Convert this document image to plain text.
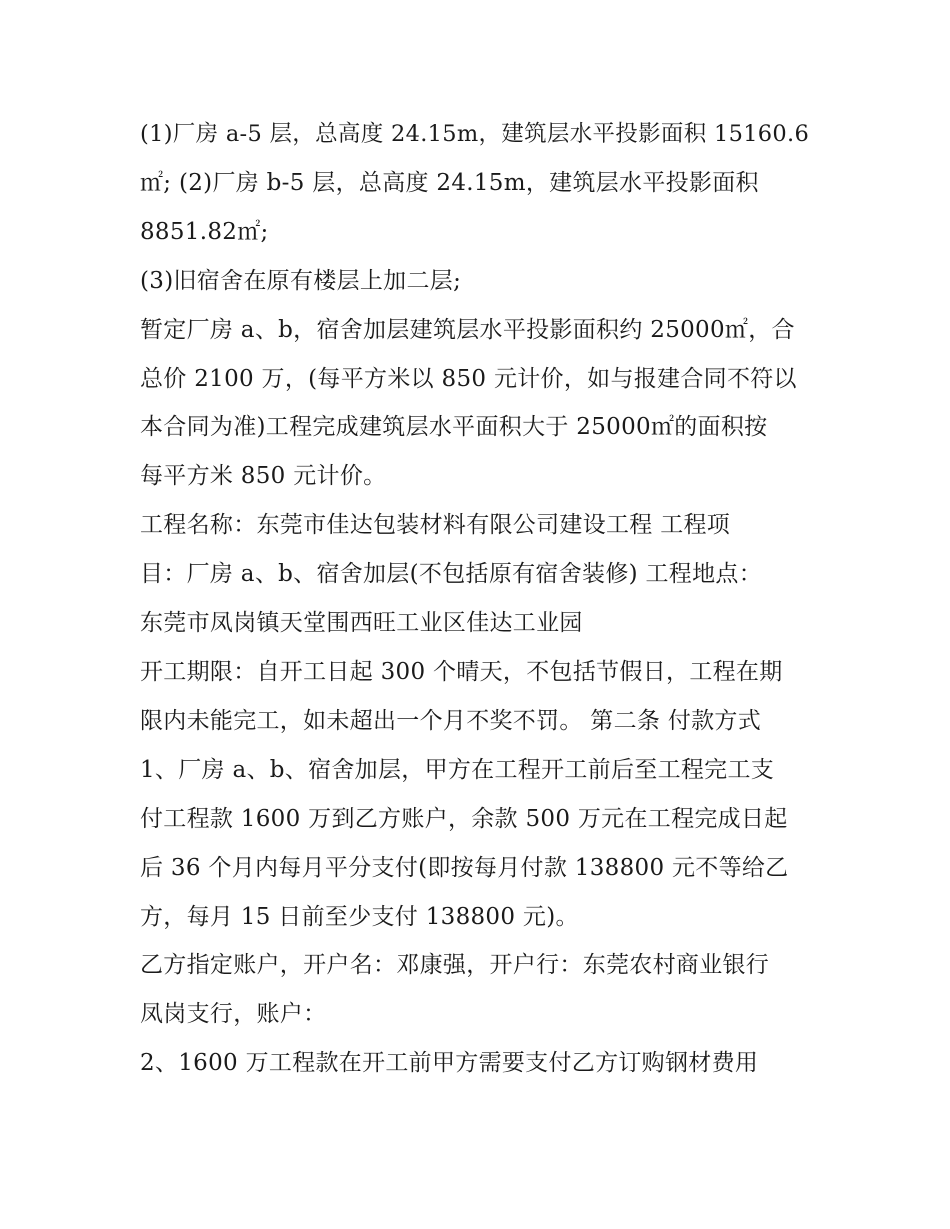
(1)厂房 a-5 层，总高度 24.15m，建筑层水平投影面积 15160.6
㎡; (2)厂房 b-5 层，总高度 24.15m，建筑层水平投影面积
8851.82㎡;
(3)旧宿舍在原有楼层上加二层;
暂定厂房 a、b，宿舍加层建筑层水平投影面积约 25000㎡，合
总价 2100 万，(每平方米以 850 元计价，如与报建合同不符以
本合同为准)工程完成建筑层水平面积大于 25000㎡的面积按
每平方米 850 元计价。
工程名称：东莞市佳达包装材料有限公司建设工程 工程项
目：厂房 a、b、宿舍加层(不包括原有宿舍装修) 工程地点：
东莞市凤岗镇天堂围西旺工业区佳达工业园
开工期限：自开工日起 300 个晴天，不包括节假日，工程在期
限内未能完工，如未超出一个月不奖不罚。 第二条 付款方式
1、厂房 a、b、宿舍加层，甲方在工程开工前后至工程完工支
付工程款 1600 万到乙方账户，余款 500 万元在工程完成日起
后 36 个月内每月平分支付(即按每月付款 138800 元不等给乙
方，每月 15 日前至少支付 138800 元)。
乙方指定账户，开户名：邓康强，开户行：东莞农村商业银行
凤岗支行，账户：
2、1600 万工程款在开工前甲方需要支付乙方订购钢材费用
